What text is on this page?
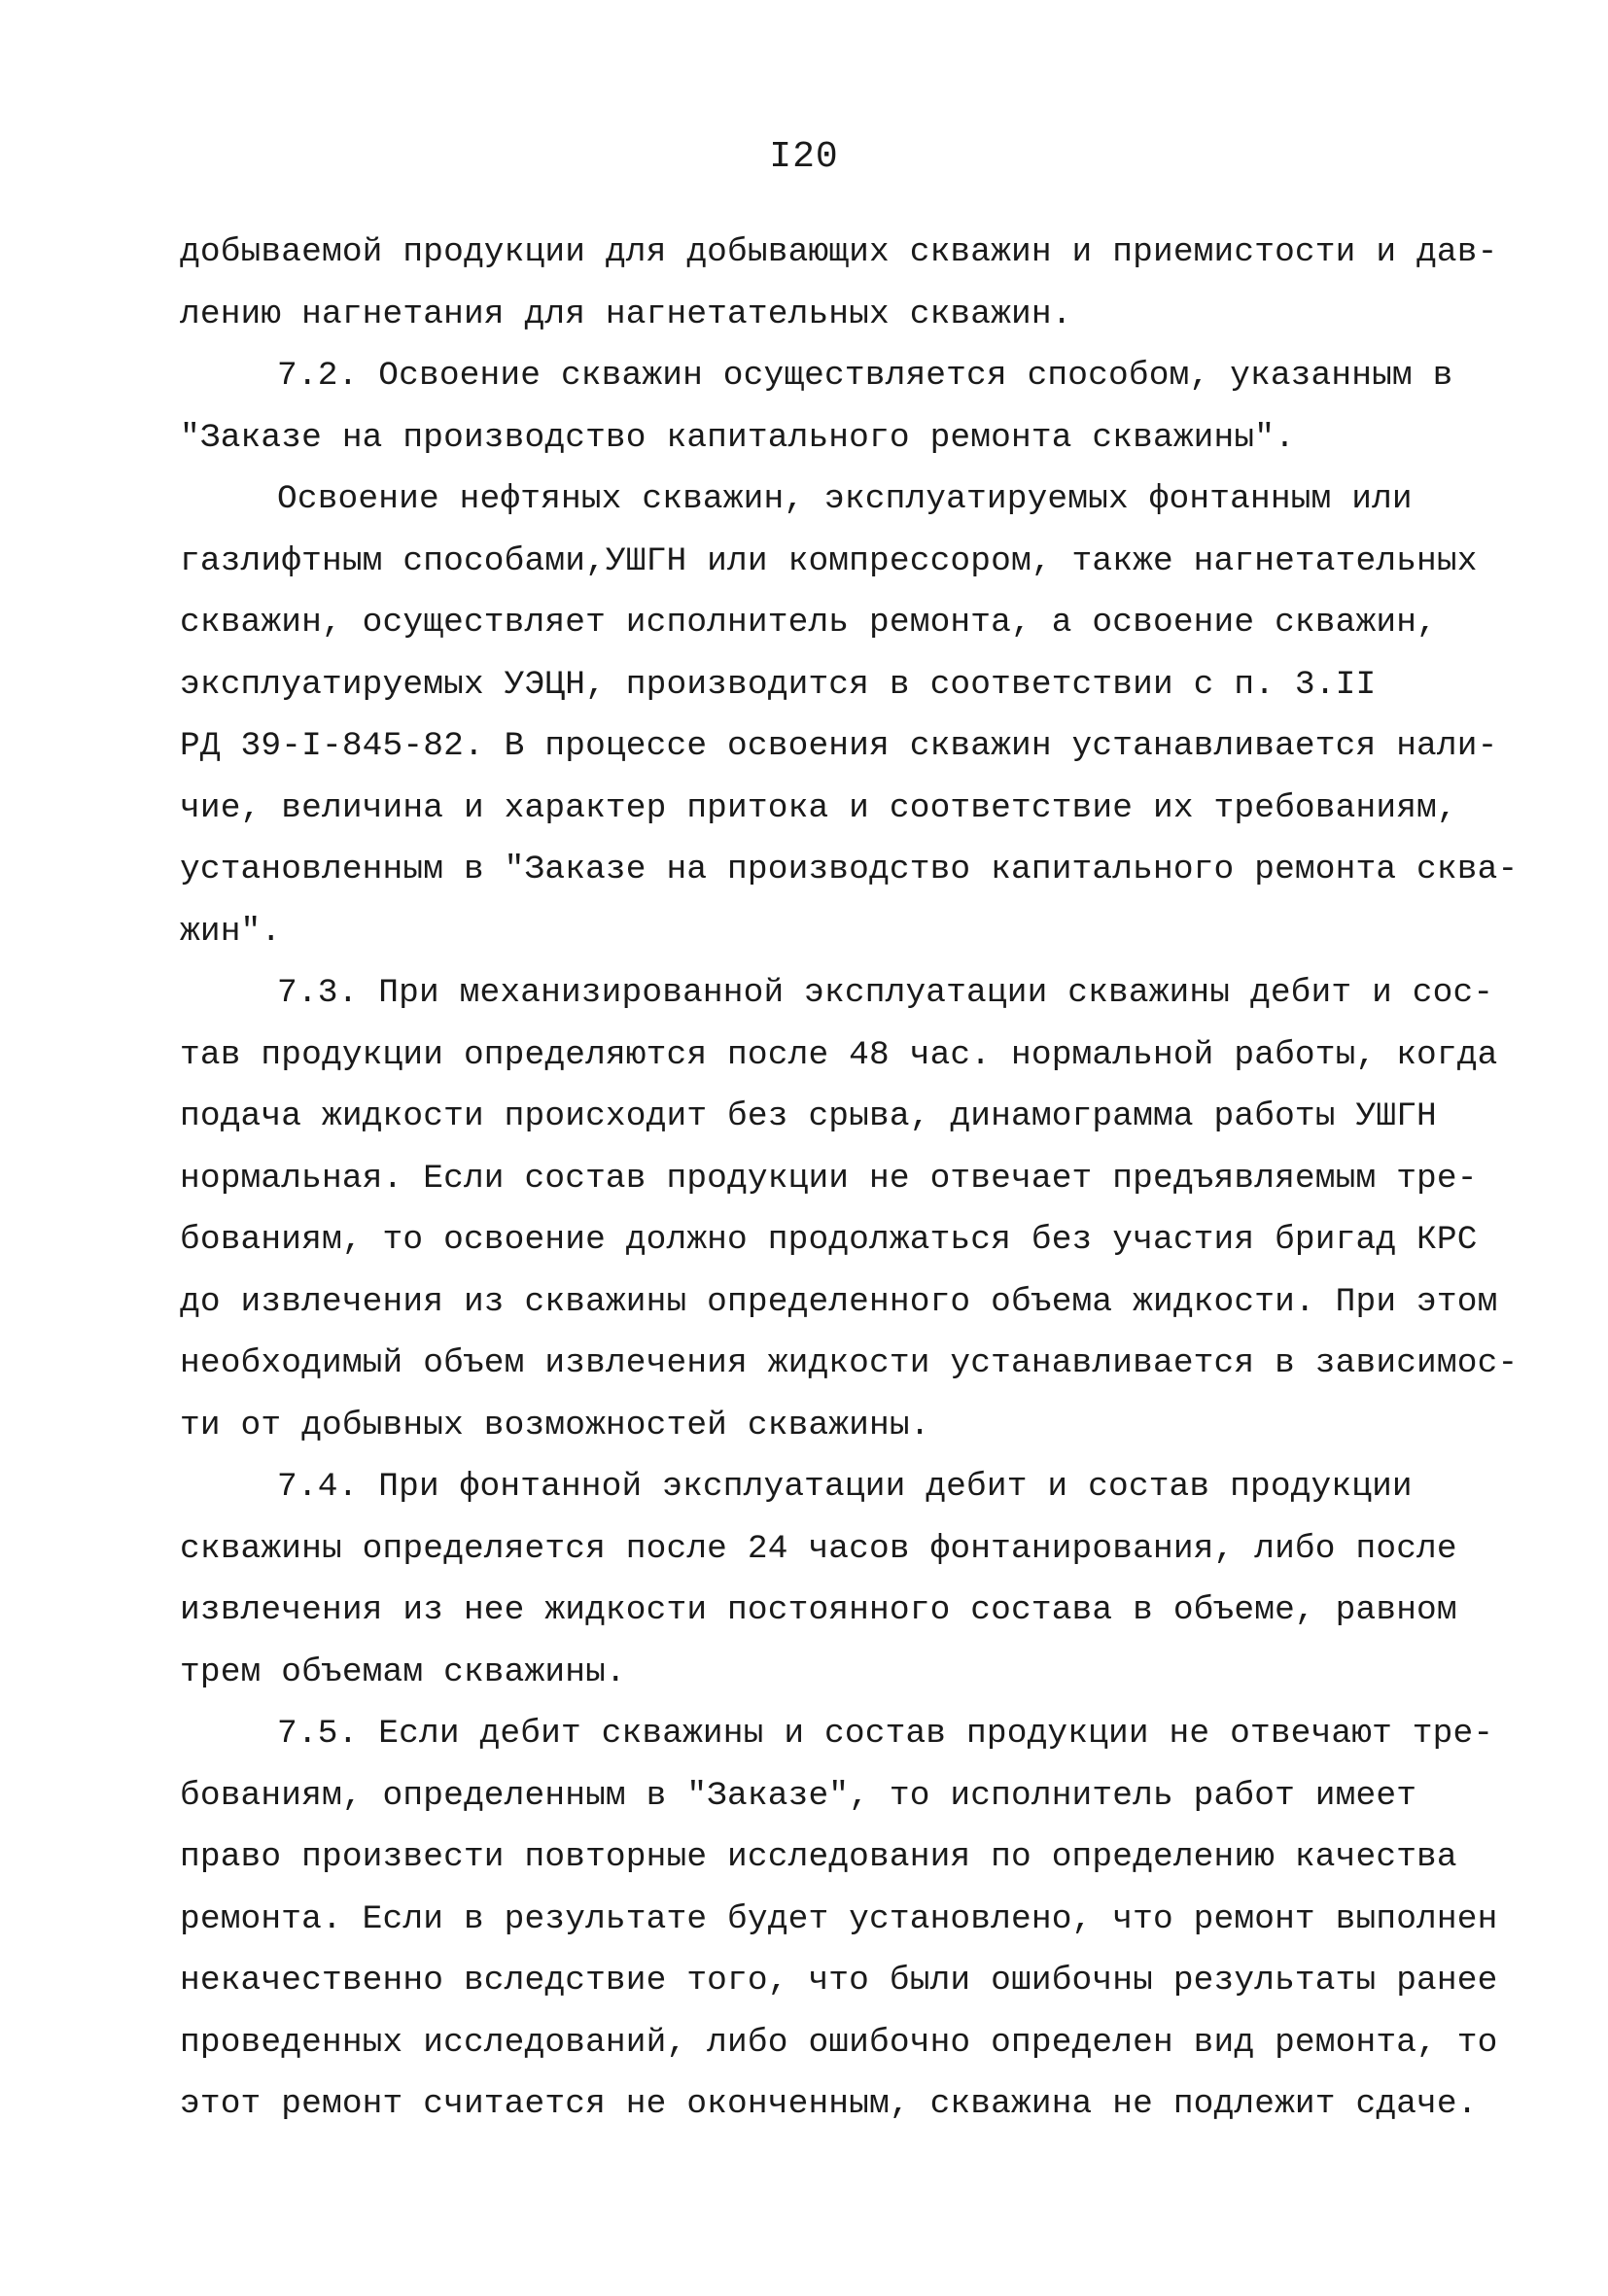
I20
добываемой продукции для добывающих скважин и приемистости и дав-
лению нагнетания для нагнетательных скважин.
7.2. Освоение скважин осуществляется способом, указанным в
"Заказе на производство капитального ремонта скважины".
Освоение нефтяных скважин, эксплуатируемых фонтанным или
газлифтным способами,УШГН или компрессором, также нагнетательных
скважин, осуществляет исполнитель ремонта, а освоение скважин,
эксплуатируемых УЭЦН, производится в соответствии с п. 3.II
РД 39-I-845-82. В процессе освоения скважин устанавливается нали-
чие, величина и характер притока и соответствие их требованиям,
установленным в "Заказе на производство капитального ремонта сква-
жин".
7.3. При механизированной эксплуатации скважины дебит и сос-
тав продукции определяются после 48 час. нормальной работы, когда
подача жидкости происходит без срыва, динамограмма работы УШГН
нормальная. Если состав продукции не отвечает предъявляемым тре-
бованиям, то освоение должно продолжаться без участия бригад КРС
до извлечения из скважины определенного объема жидкости. При этом
необходимый объем извлечения жидкости устанавливается в зависимос-
ти от добывных возможностей скважины.
7.4. При фонтанной эксплуатации дебит и состав продукции
скважины определяется после 24 часов фонтанирования, либо после
извлечения из нее жидкости постоянного состава в объеме, равном
трем объемам скважины.
7.5. Если дебит скважины и состав продукции не отвечают тре-
бованиям, определенным в "Заказе", то исполнитель работ имеет
право произвести повторные исследования по определению качества
ремонта. Если в результате будет установлено, что ремонт выполнен
некачественно вследствие того, что были ошибочны результаты ранее
проведенных исследований, либо ошибочно определен вид ремонта, то
этот ремонт считается не оконченным, скважина не подлежит сдаче.
